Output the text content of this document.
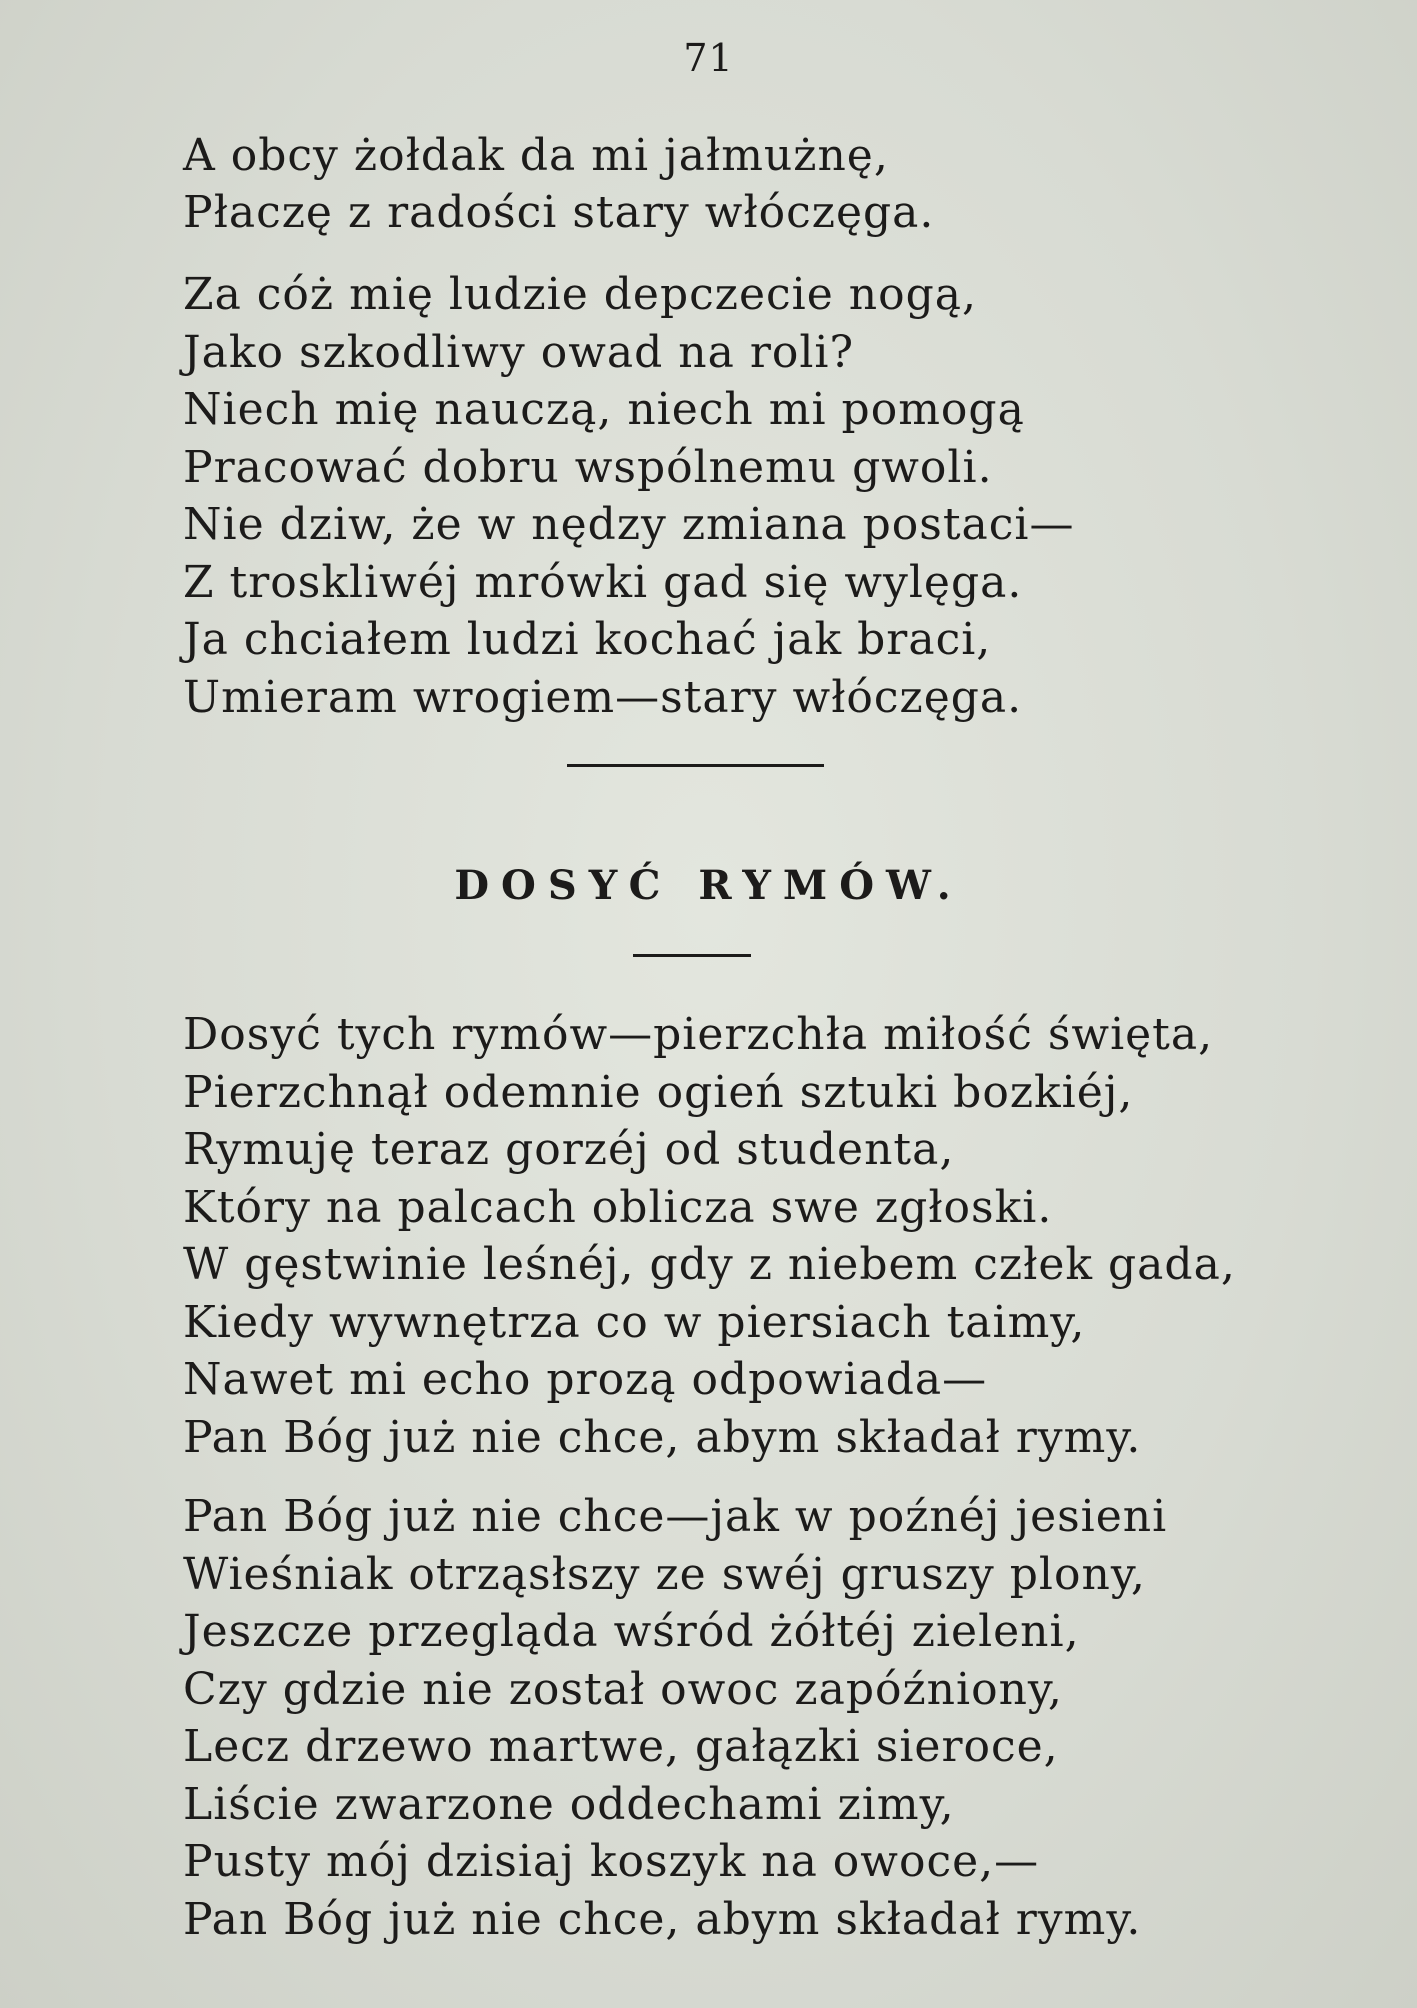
71
A obcy żołdak da mi jałmużnę,
Płaczę z radości stary włóczęga.
Za cóż mię ludzie depczecie nogą,
Jako szkodliwy owad na roli?
Niech mię nauczą, niech mi pomogą
Pracować dobru wspólnemu gwoli.
Nie dziw, że w nędzy zmiana postaci—
Z troskliwéj mrówki gad się wylęga.
Ja chciałem ludzi kochać jak braci,
Umieram wrogiem—stary włóczęga.
DOSYĆ RYMÓW.
Dosyć tych rymów—pierzchła miłość święta,
Pierzchnął odemnie ogień sztuki bozkiéj,
Rymuję teraz gorzéj od studenta,
Który na palcach oblicza swe zgłoski.
W gęstwinie leśnéj, gdy z niebem człek gada,
Kiedy wywnętrza co w piersiach taimy,
Nawet mi echo prozą odpowiada—
Pan Bóg już nie chce, abym składał rymy.
Pan Bóg już nie chce—jak w poźnéj jesieni
Wieśniak otrząsłszy ze swéj gruszy plony,
Jeszcze przegląda wśród żółtéj zieleni,
Czy gdzie nie został owoc zapóźniony,
Lecz drzewo martwe, gałązki sieroce,
Liście zwarzone oddechami zimy,
Pusty mój dzisiaj koszyk na owoce,—
Pan Bóg już nie chce, abym składał rymy.
